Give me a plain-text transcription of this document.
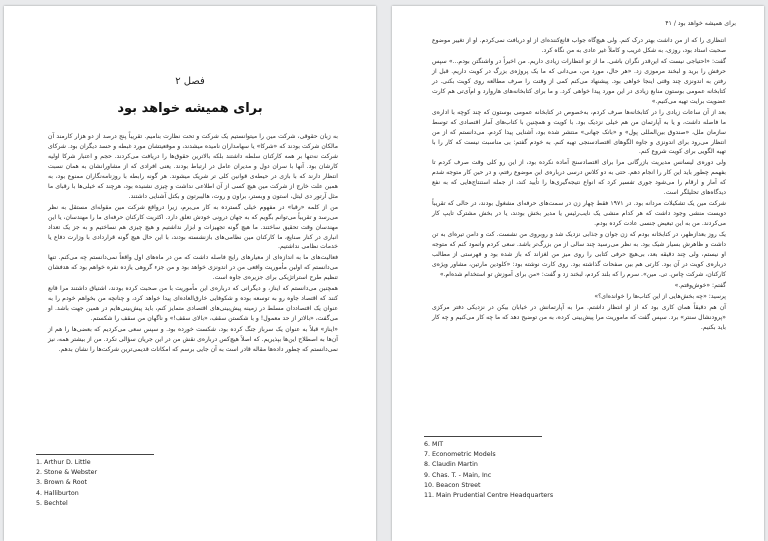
فصل ۲
برای همیشه خواهد بود

به زبان حقوقی، شرکت مین را میتوانستیم یک شرکت و تحت نظارت بنامیم. تقریباً پنج درصد از دو هزار کارمند آن مالکان شرکت بودند که «شرکا» یا سهامداران نامیده میشدند، و موقعیتشان مورد غبطه و حسد دیگران بود. شرکای شرکت نه‌تنها بر همه کارکنان سلطه داشتند بلکه بالاترین حقوق‌ها را دریافت می‌کردند. حجم و اعتبار شرکا اولیه کارشان بود. آنها با سران دول و مدیران عامل در ارتباط بودند. یعنی افرادی که از مشاورانشان به همان نسبت انتظار دارند که با بازی در حیطه‌ی قوانین کلی تر شریک میشوند. هر گونه رابطه با روزنامه‌نگاران ممنوع بود، به همین علت خارج از شرکت مین هیچ کسی از آن اطلاعی نداشت و چیزی نشنیده بود، هرچند که خیلی‌ها با رقبای ما مثل آرتور دی لیتل، استون و وبستر، براون و روت، هالیبرتون و بکتل آشنایی داشتند.

من از کلمه «رقبا» در مفهوم خیلی گسترده به کار می‌برم، زیرا درواقع شرکت مین مقوله‌ای مستقل به نظر می‌رسد و تقریباً می‌توانم بگویم که به جهان درونی خودش تعلق دارد. اکثریت کارکنان حرفه‌ای ما را مهندسان، یا این مهندسان وقت تحقیق ساختند. ما هیچ گونه تجهیزات و ابزار نداشتیم و هیچ چیزی هم نساختیم و به جز یک تعداد انباری در کنار صنایع، ما کارکنان مین نظامی‌های بازنشسته بودند، با این حال هیچ گونه قراردادی با وزارت دفاع یا خدمات نظامی نداشتیم.

فعالیت‌های ما به اندازه‌ای از معیارهای رایج فاصله داشت که من در ماه‌های اول واقعاً نمی‌دانستم چه می‌کنم. تنها می‌دانستم که اولین مأموریت واقعی من در اندونزی خواهد بود و من جزء گروهی یازده نفره خواهم بود که هدفشان تنظیم طرح استراتژیکی برای جزیره‌ی جاوه است.

همچنین می‌دانستم که ایناز، و دیگرانی که درباره‌ی این مأموریت با من صحبت کرده بودند، اشتیاق داشتند مرا قانع کنند که اقتصاد جاوه رو به توسعه بوده و شکوفایی خارق‌العاده‌ای پیدا خواهد کرد، و چنانچه من بخواهم خودم را به عنوان یک اقتصاددان مسلط در زمینه پیش‌بینی‌های اقتصادی متمایز کنم، باید پیش‌بینی‌هایم در همین جهت باشد. او می‌گفت، «بالاتر از حد معمول! و با شکستن سقف، «بالای سقف!» و ناگهان من سقف را شکستم.

«ایناز» قبلاً به عنوان یک سرباز جنگ کرده بود، شکست خورده بود. و سپس سعی می‌کردیم که بعضی‌ها را هم از آن‌ها به اصطلاح این‌ها بپذیریم. که اصلاً هیچ‌کس درباره‌ی نقش من در این جریان سؤالی نکرد. من از بیشتر همه، نیز نمی‌دانستم که چطور داده‌ها مقاله قادر است به آن جایی برسم که امکانات قدیمی‌ترین شرکت‌ها را نشان بدهم.

1. Arthur D. Little
2. Stone & Webster
3. Brown & Root
4. Halliburton
5. Bechtel
برای همیشه خواهد بود / ۴۱

انتظاری را که از من داشت بهتر درک کنم. ولی هیچ‌گاه جواب قانع‌کننده‌ای از او دریافت نمی‌کردم. او از تغییر موضوع صحبت استاد بود، روزی، به شکل غریب و کاملاً غیر عادی به من نگاه کرد.

گفت: «احتیاجی نیست که این‌قدر نگران باشی. ما از تو انتظارات زیادی داریم. من اخیراً در واشنگتن بودم...» سپس حرفش را برید و لبخند مرموزی زد. «هر حال، مورد من، می‌دانی که ما یک پروژه‌ی بزرگ در کویت داریم. قبل از رفتن به اندونزی چند وقتی اینجا خواهی بود. پیشنهاد می‌کنم کمی از وقتت را صرف مطالعه روی کویت بکنی. در کتابخانه عمومی بوستون منابع زیادی در این مورد پیدا خواهی کرد. و ما برای کتابخانه‌های هاروارد و ام‌آی‌تی هم کارت عضویت برایت تهیه می‌کنیم.»

بعد از آن ساعات زیادی را در کتابخانه‌ها صرف کردم، به‌خصوص در کتابخانه عمومی بوستون که چند کوچه با اداره‌ی ما فاصله داشت، و یا به آپارتمان من هم خیلی نزدیک بود. با کویت و همچنین با کتاب‌های آمار اقتصادی که توسط سازمان ملل، «صندوق بین‌المللی پول» و «بانک جهانی» منتشر شده بود، آشنایی پیدا کردم. می‌دانستم که از من انتظار می‌رود برای اندونزی و جاوه الگوهای اقتصادسنجی تهیه کنم. به خودم گفتم: بی مناسبت نیست که کار را با تهیه الگویی برای کویت شروع کنم.

ولی دوره‌ی لیسانس مدیریت بازرگانی مرا برای اقتصادسنج آماده نکرده بود، از این رو کلی وقت صرف کردم تا بفهمم چطور باید این کار را انجام دهم. حتی به دو کلاس درسی درباره‌ی این موضوع رفتم، و در حین کار متوجه شدم که آمار و ارقام را می‌شود جوری تفسیر کرد که انواع نتیجه‌گیری‌ها را تأیید کند، از جمله استنتاج‌هایی که به نفع دیدگاه‌های تحلیلگر است.

شرکت مین یک تشکیلات مردانه بود. در ۱۹۷۱ فقط چهار زن در سمت‌های حرفه‌ای مشغول بودند، در حالی که تقریباً دویست منشی وجود داشت که هر کدام منشی یک نایب‌رئیس یا مدیر بخش بودند، یا در بخش مشترک تایپ کار می‌کردند. من به این تبعیض جنسی عادت کرده بودم.

یک روز بعدازظهر، در کتابخانه بودم که زن جوان و جذابی نزدیک شد و روبروی من نشست. کت و دامن تیره‌ای به تن داشت و ظاهرش بسیار شیک بود. به نظر می‌رسید چند سالی از من بزرگ‌تر باشد. سعی کردم وانمود کنم که متوجه او نیستم، ولی چند دقیقه بعد، بی‌هیچ حرفی کتابی را روی میز من لغزاند که باز شده بود و فهرستی از مطالب درباره‌ی کویت در آن بود. کارتی هم بین صفحات گذاشته بود. روی کارت نوشته بود: «کلودین مارتین، مشاور ویژه‌ی کارکنان، شرکت چاس. تی. مین». سرم را که بلند کردم، لبخند زد و گفت: «من برای آموزش تو استخدام شده‌ام.»

گفتم: «خوش‌وقتم.»

پرسید: «چه بخش‌هایی از این کتاب‌ها را خوانده‌ای؟»

آن هم دقیقاً همان کاری بود که از او انتظار داشتم. مرا به آپارتمانش در خیابان بیکن در نزدیکی دفتر مرکزی «پرودنشال سنتر» برد. سپس گفت که ماموریت مرا پیش‌بینی کرده، به من توضیح دهد که ما چه کار می‌کنیم و چه کار باید بکنیم.

6. MIT
7. Econometric Models
8. Claudin Martin
9. Chas. T. - Main, Inc
10. Beacon Street
11. Main Prudential Centre Headquarters
